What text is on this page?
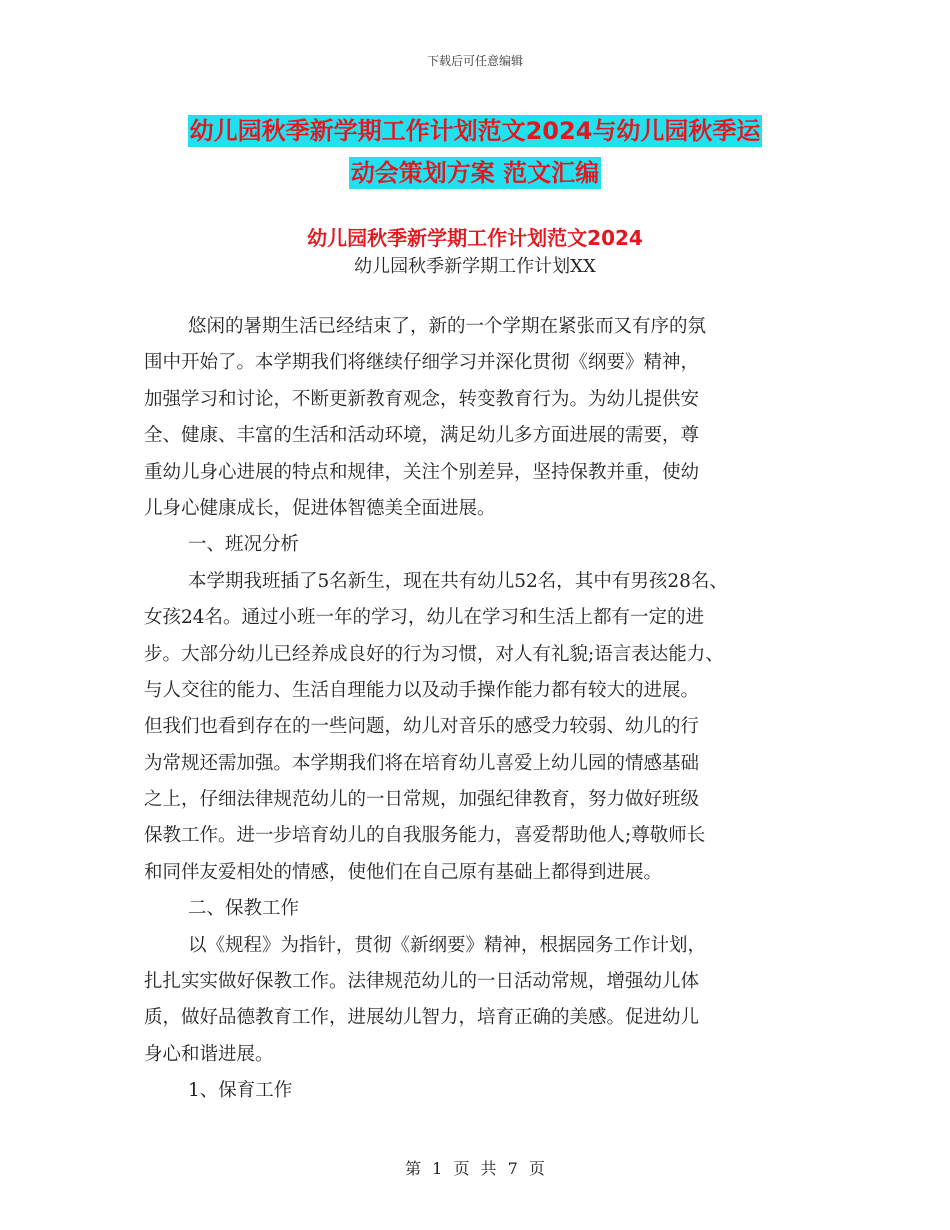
下载后可任意编辑
幼儿园秋季新学期工作计划范文2024与幼儿园秋季运
动会策划方案 范文汇编
幼儿园秋季新学期工作计划范文2024
幼儿园秋季新学期工作计划XX
悠闲的暑期生活已经结束了，新的一个学期在紧张而又有序的氛
围中开始了。本学期我们将继续仔细学习并深化贯彻《纲要》精神，
加强学习和讨论，不断更新教育观念，转变教育行为。为幼儿提供安
全、健康、丰富的生活和活动环境，满足幼儿多方面进展的需要，尊
重幼儿身心进展的特点和规律，关注个别差异，坚持保教并重，使幼
儿身心健康成长，促进体智德美全面进展。
一、班况分析
本学期我班插了5名新生，现在共有幼儿52名，其中有男孩28名、
女孩24名。通过小班一年的学习，幼儿在学习和生活上都有一定的进
步。大部分幼儿已经养成良好的行为习惯，对人有礼貌;语言表达能力、
与人交往的能力、生活自理能力以及动手操作能力都有较大的进展。
但我们也看到存在的一些问题，幼儿对音乐的感受力较弱、幼儿的行
为常规还需加强。本学期我们将在培育幼儿喜爱上幼儿园的情感基础
之上，仔细法律规范幼儿的一日常规，加强纪律教育，努力做好班级
保教工作。进一步培育幼儿的自我服务能力，喜爱帮助他人;尊敬师长
和同伴友爱相处的情感，使他们在自己原有基础上都得到进展。
二、保教工作
以《规程》为指针，贯彻《新纲要》精神，根据园务工作计划，
扎扎实实做好保教工作。法律规范幼儿的一日活动常规，增强幼儿体
质，做好品德教育工作，进展幼儿智力，培育正确的美感。促进幼儿
身心和谐进展。
1、保育工作
第 1 页 共 7 页
